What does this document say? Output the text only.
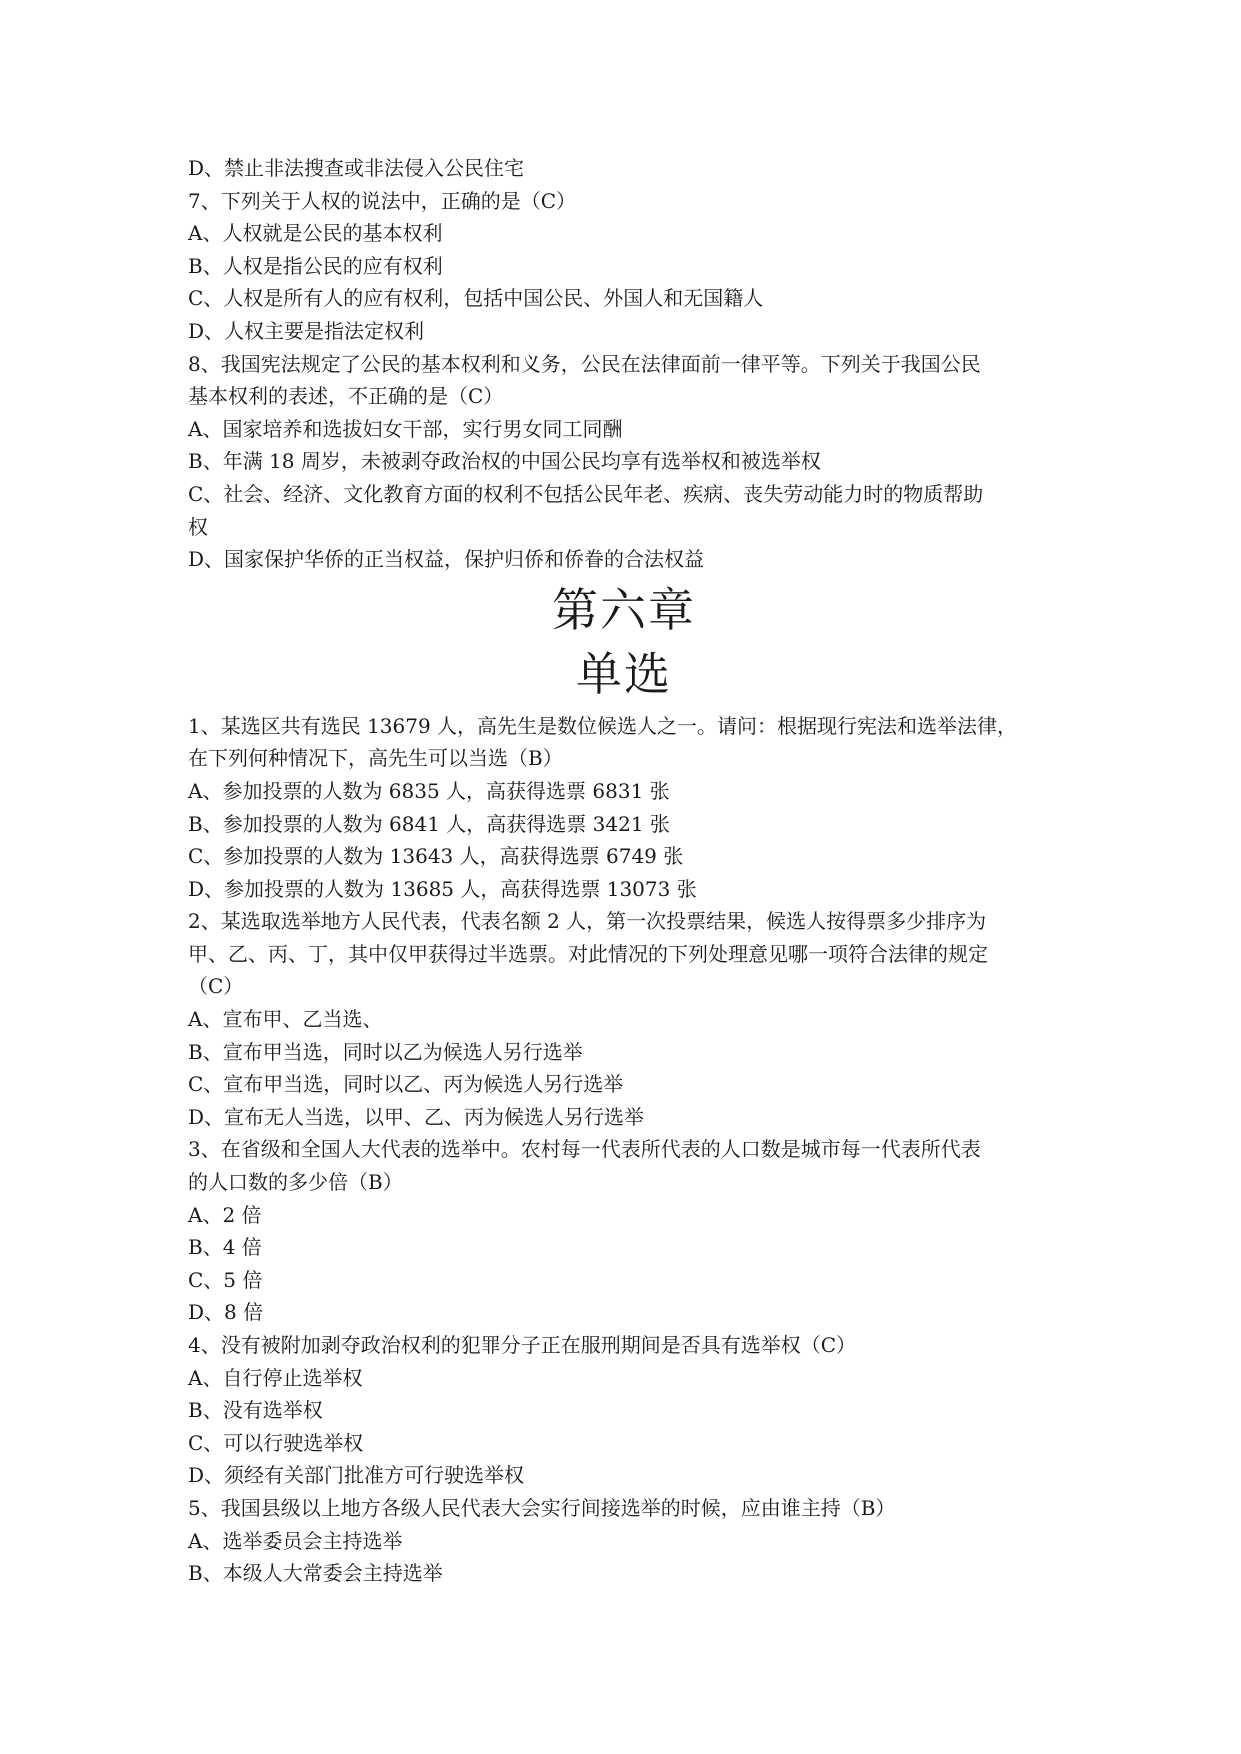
D、禁止非法搜查或非法侵入公民住宅
7、下列关于人权的说法中，正确的是（C）
A、人权就是公民的基本权利
B、人权是指公民的应有权利
C、人权是所有人的应有权利，包括中国公民、外国人和无国籍人
D、人权主要是指法定权利
8、我国宪法规定了公民的基本权利和义务，公民在法律面前一律平等。下列关于我国公民
基本权利的表述，不正确的是（C）
A、国家培养和选拔妇女干部，实行男女同工同酬
B、年满 18 周岁，未被剥夺政治权的中国公民均享有选举权和被选举权
C、社会、经济、文化教育方面的权利不包括公民年老、疾病、丧失劳动能力时的物质帮助
权
D、国家保护华侨的正当权益，保护归侨和侨眷的合法权益
第六章
单选
1、某选区共有选民 13679 人，高先生是数位候选人之一。请问：根据现行宪法和选举法律，
在下列何种情况下，高先生可以当选（B）
A、参加投票的人数为 6835 人，高获得选票 6831 张
B、参加投票的人数为 6841 人，高获得选票 3421 张
C、参加投票的人数为 13643 人，高获得选票 6749 张
D、参加投票的人数为 13685 人，高获得选票 13073 张
2、某选取选举地方人民代表，代表名额 2 人，第一次投票结果，候选人按得票多少排序为
甲、乙、丙、丁，其中仅甲获得过半选票。对此情况的下列处理意见哪一项符合法律的规定
（C）
A、宣布甲、乙当选、
B、宣布甲当选，同时以乙为候选人另行选举
C、宣布甲当选，同时以乙、丙为候选人另行选举
D、宣布无人当选，以甲、乙、丙为候选人另行选举
3、在省级和全国人大代表的选举中。农村每一代表所代表的人口数是城市每一代表所代表
的人口数的多少倍（B）
A、2 倍
B、4 倍
C、5 倍
D、8 倍
4、没有被附加剥夺政治权利的犯罪分子正在服刑期间是否具有选举权（C）
A、自行停止选举权
B、没有选举权
C、可以行驶选举权
D、须经有关部门批准方可行驶选举权
5、我国县级以上地方各级人民代表大会实行间接选举的时候，应由谁主持（B）
A、选举委员会主持选举
B、本级人大常委会主持选举
